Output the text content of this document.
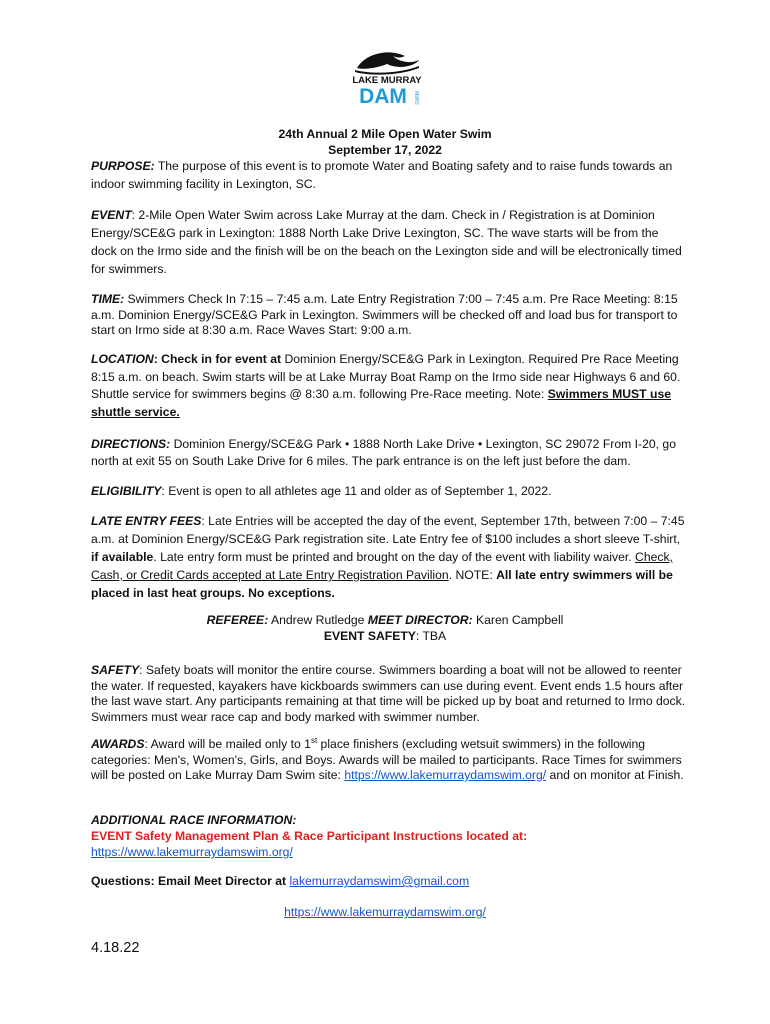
LAKE MURRAY
DAM SWIM
24th Annual 2 Mile Open Water Swim
September 17, 2022
PURPOSE: The purpose of this event is to promote Water and Boating safety and to raise funds towards an indoor swimming facility in Lexington, SC.
EVENT: 2-Mile Open Water Swim across Lake Murray at the dam. Check in / Registration is at Dominion Energy/SCE&G park in Lexington: 1888 North Lake Drive Lexington, SC. The wave starts will be from the dock on the Irmo side and the finish will be on the beach on the Lexington side and will be electronically timed for swimmers.
TIME: Swimmers Check In 7:15 – 7:45 a.m. Late Entry Registration 7:00 – 7:45 a.m. Pre Race Meeting: 8:15 a.m. Dominion Energy/SCE&G Park in Lexington. Swimmers will be checked off and load bus for transport to start on Irmo side at 8:30 a.m. Race Waves Start: 9:00 a.m.
LOCATION: Check in for event at Dominion Energy/SCE&G Park in Lexington. Required Pre Race Meeting 8:15 a.m. on beach. Swim starts will be at Lake Murray Boat Ramp on the Irmo side near Highways 6 and 60. Shuttle service for swimmers begins @ 8:30 a.m. following Pre-Race meeting. Note: Swimmers MUST use shuttle service.
DIRECTIONS: Dominion Energy/SCE&G Park • 1888 North Lake Drive • Lexington, SC 29072 From I-20, go north at exit 55 on South Lake Drive for 6 miles. The park entrance is on the left just before the dam.
ELIGIBILITY: Event is open to all athletes age 11 and older as of September 1, 2022.
LATE ENTRY FEES: Late Entries will be accepted the day of the event, September 17th, between 7:00 – 7:45 a.m. at Dominion Energy/SCE&G Park registration site. Late Entry fee of $100 includes a short sleeve T-shirt, if available. Late entry form must be printed and brought on the day of the event with liability waiver. Check, Cash, or Credit Cards accepted at Late Entry Registration Pavilion. NOTE: All late entry swimmers will be placed in last heat groups. No exceptions.
REFEREE: Andrew Rutledge MEET DIRECTOR: Karen Campbell
EVENT SAFETY: TBA
SAFETY: Safety boats will monitor the entire course. Swimmers boarding a boat will not be allowed to reenter the water. If requested, kayakers have kickboards swimmers can use during event. Event ends 1.5 hours after the last wave start. Any participants remaining at that time will be picked up by boat and returned to Irmo dock. Swimmers must wear race cap and body marked with swimmer number.
AWARDS: Award will be mailed only to 1st place finishers (excluding wetsuit swimmers) in the following categories: Men's, Women's, Girls, and Boys. Awards will be mailed to participants. Race Times for swimmers will be posted on Lake Murray Dam Swim site: https://www.lakemurraydamswim.org/ and on monitor at Finish.
ADDITIONAL RACE INFORMATION:
EVENT Safety Management Plan & Race Participant Instructions located at:
https://www.lakemurraydamswim.org/
Questions: Email Meet Director at lakemurraydamswim@gmail.com
https://www.lakemurraydamswim.org/
4.18.22
